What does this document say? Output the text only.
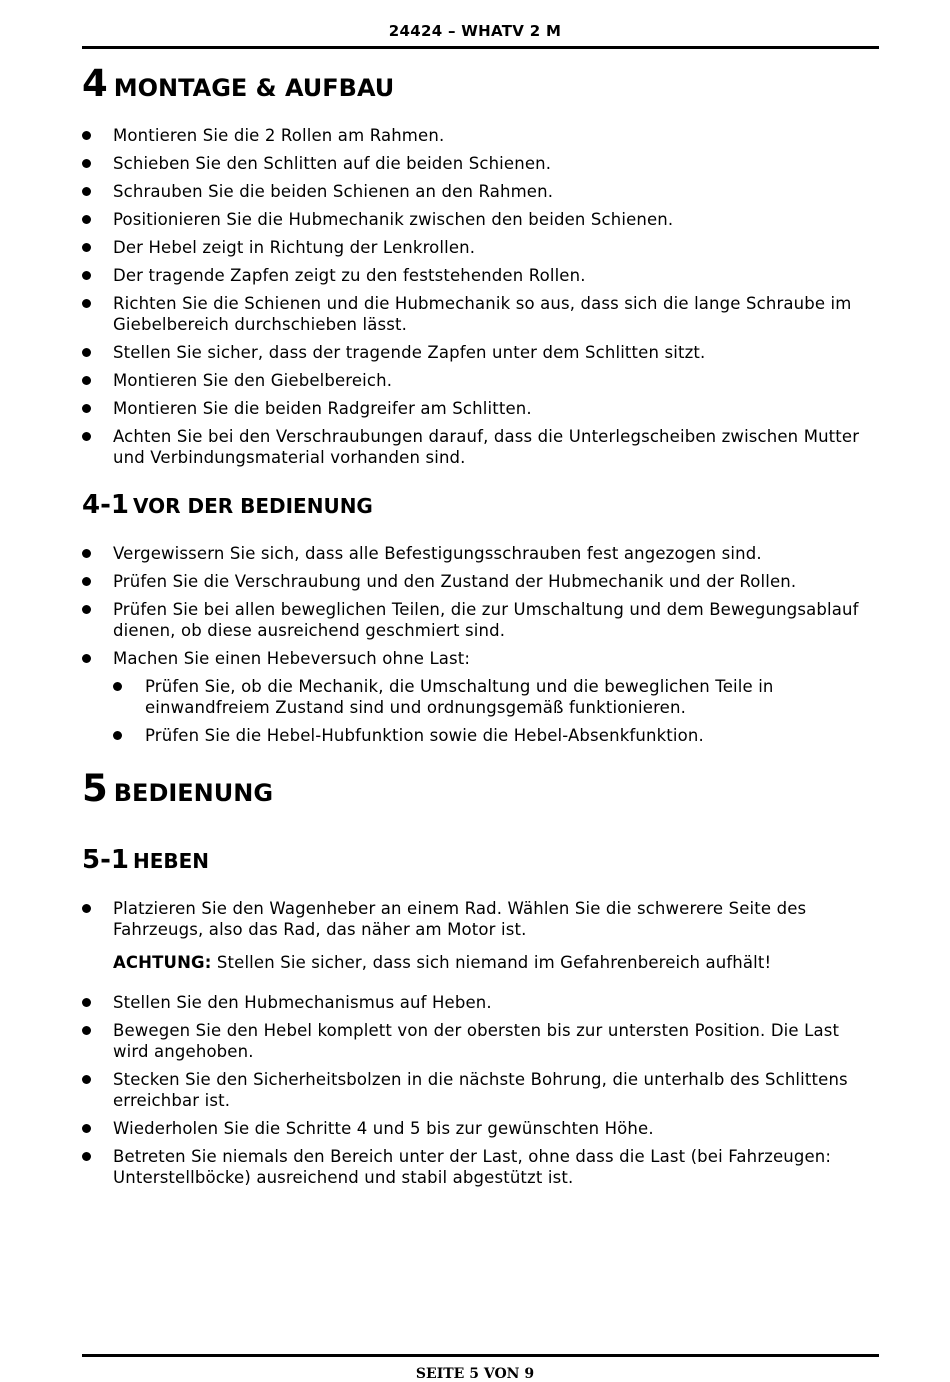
24424 – WHATV 2 M
4 MONTAGE & AUFBAU
Montieren Sie die 2 Rollen am Rahmen.
Schieben Sie den Schlitten auf die beiden Schienen.
Schrauben Sie die beiden Schienen an den Rahmen.
Positionieren Sie die Hubmechanik zwischen den beiden Schienen.
Der Hebel zeigt in Richtung der Lenkrollen.
Der tragende Zapfen zeigt zu den feststehenden Rollen.
Richten Sie die Schienen und die Hubmechanik so aus, dass sich die lange Schraube im Giebelbereich durchschieben lässt.
Stellen Sie sicher, dass der tragende Zapfen unter dem Schlitten sitzt.
Montieren Sie den Giebelbereich.
Montieren Sie die beiden Radgreifer am Schlitten.
Achten Sie bei den Verschraubungen darauf, dass die Unterlegscheiben zwischen Mutter und Verbindungsmaterial vorhanden sind.
4-1 VOR DER BEDIENUNG
Vergewissern Sie sich, dass alle Befestigungsschrauben fest angezogen sind.
Prüfen Sie die Verschraubung und den Zustand der Hubmechanik und der Rollen.
Prüfen Sie bei allen beweglichen Teilen, die zur Umschaltung und dem Bewegungsablauf dienen, ob diese ausreichend geschmiert sind.
Machen Sie einen Hebeversuch ohne Last:
Prüfen Sie, ob die Mechanik, die Umschaltung und die beweglichen Teile in einwandfreiem Zustand sind und ordnungsgemäß funktionieren.
Prüfen Sie die Hebel-Hubfunktion sowie die Hebel-Absenkfunktion.
5 BEDIENUNG
5-1 HEBEN
Platzieren Sie den Wagenheber an einem Rad. Wählen Sie die schwerere Seite des Fahrzeugs, also das Rad, das näher am Motor ist.
ACHTUNG: Stellen Sie sicher, dass sich niemand im Gefahrenbereich aufhält!
Stellen Sie den Hubmechanismus auf Heben.
Bewegen Sie den Hebel komplett von der obersten bis zur untersten Position. Die Last wird angehoben.
Stecken Sie den Sicherheitsbolzen in die nächste Bohrung, die unterhalb des Schlittens erreichbar ist.
Wiederholen Sie die Schritte 4 und 5 bis zur gewünschten Höhe.
Betreten Sie niemals den Bereich unter der Last, ohne dass die Last (bei Fahrzeugen: Unterstellböcke) ausreichend und stabil abgestützt ist.
SEITE 5 VON 9
